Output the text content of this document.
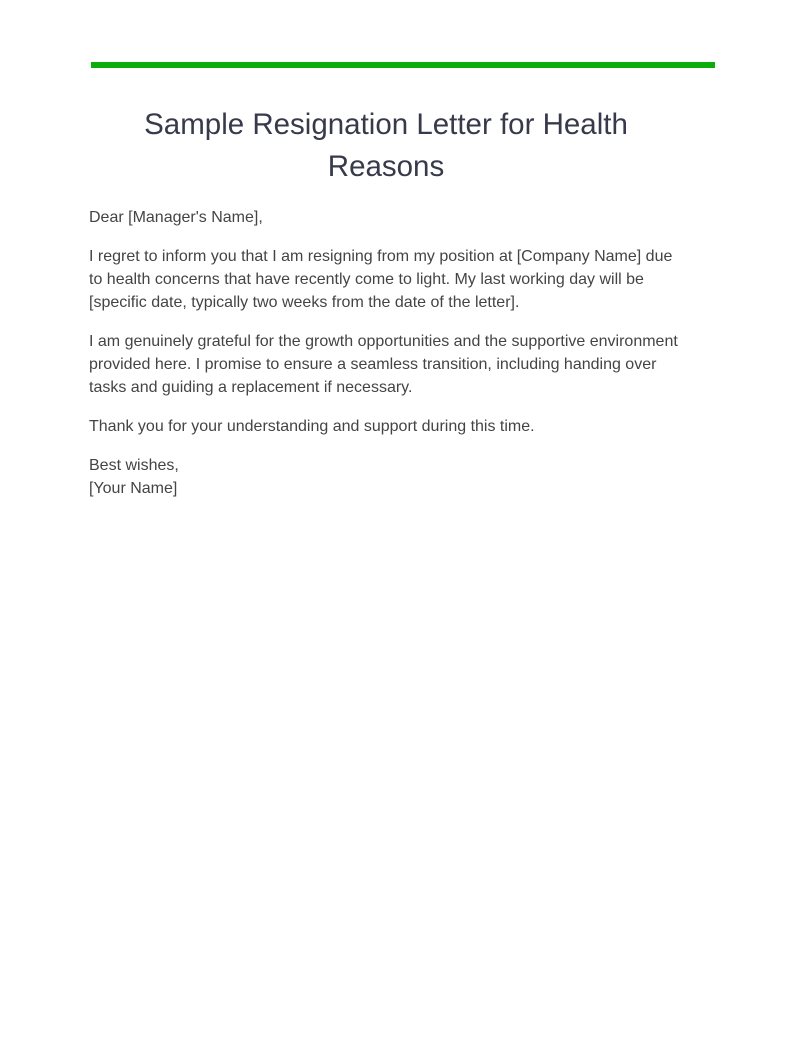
Sample Resignation Letter for Health Reasons

Dear [Manager's Name],

I regret to inform you that I am resigning from my position at [Company Name] due to health concerns that have recently come to light. My last working day will be [specific date, typically two weeks from the date of the letter].

I am genuinely grateful for the growth opportunities and the supportive environment provided here. I promise to ensure a seamless transition, including handing over tasks and guiding a replacement if necessary.

Thank you for your understanding and support during this time.

Best wishes,
[Your Name]
